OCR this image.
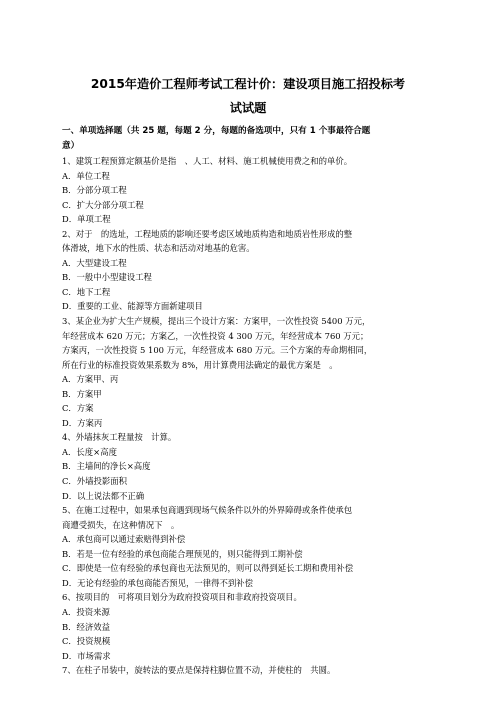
2015年造价工程师考试工程计价：建设项目施工招投标考
试试题

一、单项选择题（共 25 题，每题 2 分，每题的备选项中，只有 1 个事最符合题

意）

1、建筑工程预算定额基价是指　、人工、材料、施工机械使用费之和的单价。

A．单位工程

B．分部分项工程

C．扩大分部分项工程

D．单项工程

2、对于　的选址，工程地质的影响还要考虑区域地质构造和地质岩性形成的整

体滑坡，地下水的性质、状态和活动对地基的危害。

A．大型建设工程

B．一般中小型建设工程

C．地下工程

D．重要的工业、能源等方面新建项目

3、某企业为扩大生产规模，提出三个设计方案：方案甲，一次性投资 5400 万元，

年经营成本 620 万元；方案乙，一次性投资 4 300 万元，年经营成本 760 万元；

方案丙，一次性投资 5 100 万元，年经营成本 680 万元。三个方案的寿命期相同，

所在行业的标准投资效果系数为 8%，用计算费用法确定的最优方案是　。

A．方案甲、丙

B．方案甲

C．方案

D．方案丙

4、外墙抹灰工程量按　计算。

A．长度×高度

B．主墙间的净长×高度

C．外墙投影面积

D．以上说法都不正确

5、在施工过程中，如果承包商遇到现场气候条件以外的外界障碍或条件使承包

商遭受损失，在这种情况下　。

A．承包商可以通过索赔得到补偿

B．若是一位有经验的承包商能合理预见的，则只能得到工期补偿

C．即使是一位有经验的承包商也无法预见的，则可以得到延长工期和费用补偿

D．无论有经验的承包商能否预见，一律得不到补偿

6、按项目的　可将项目划分为政府投资项目和非政府投资项目。

A．投资来源

B．经济效益

C．投资规模

D．市场需求

7、在柱子吊装中，旋转法的要点是保持柱脚位置不动，并使柱的　共圆。
